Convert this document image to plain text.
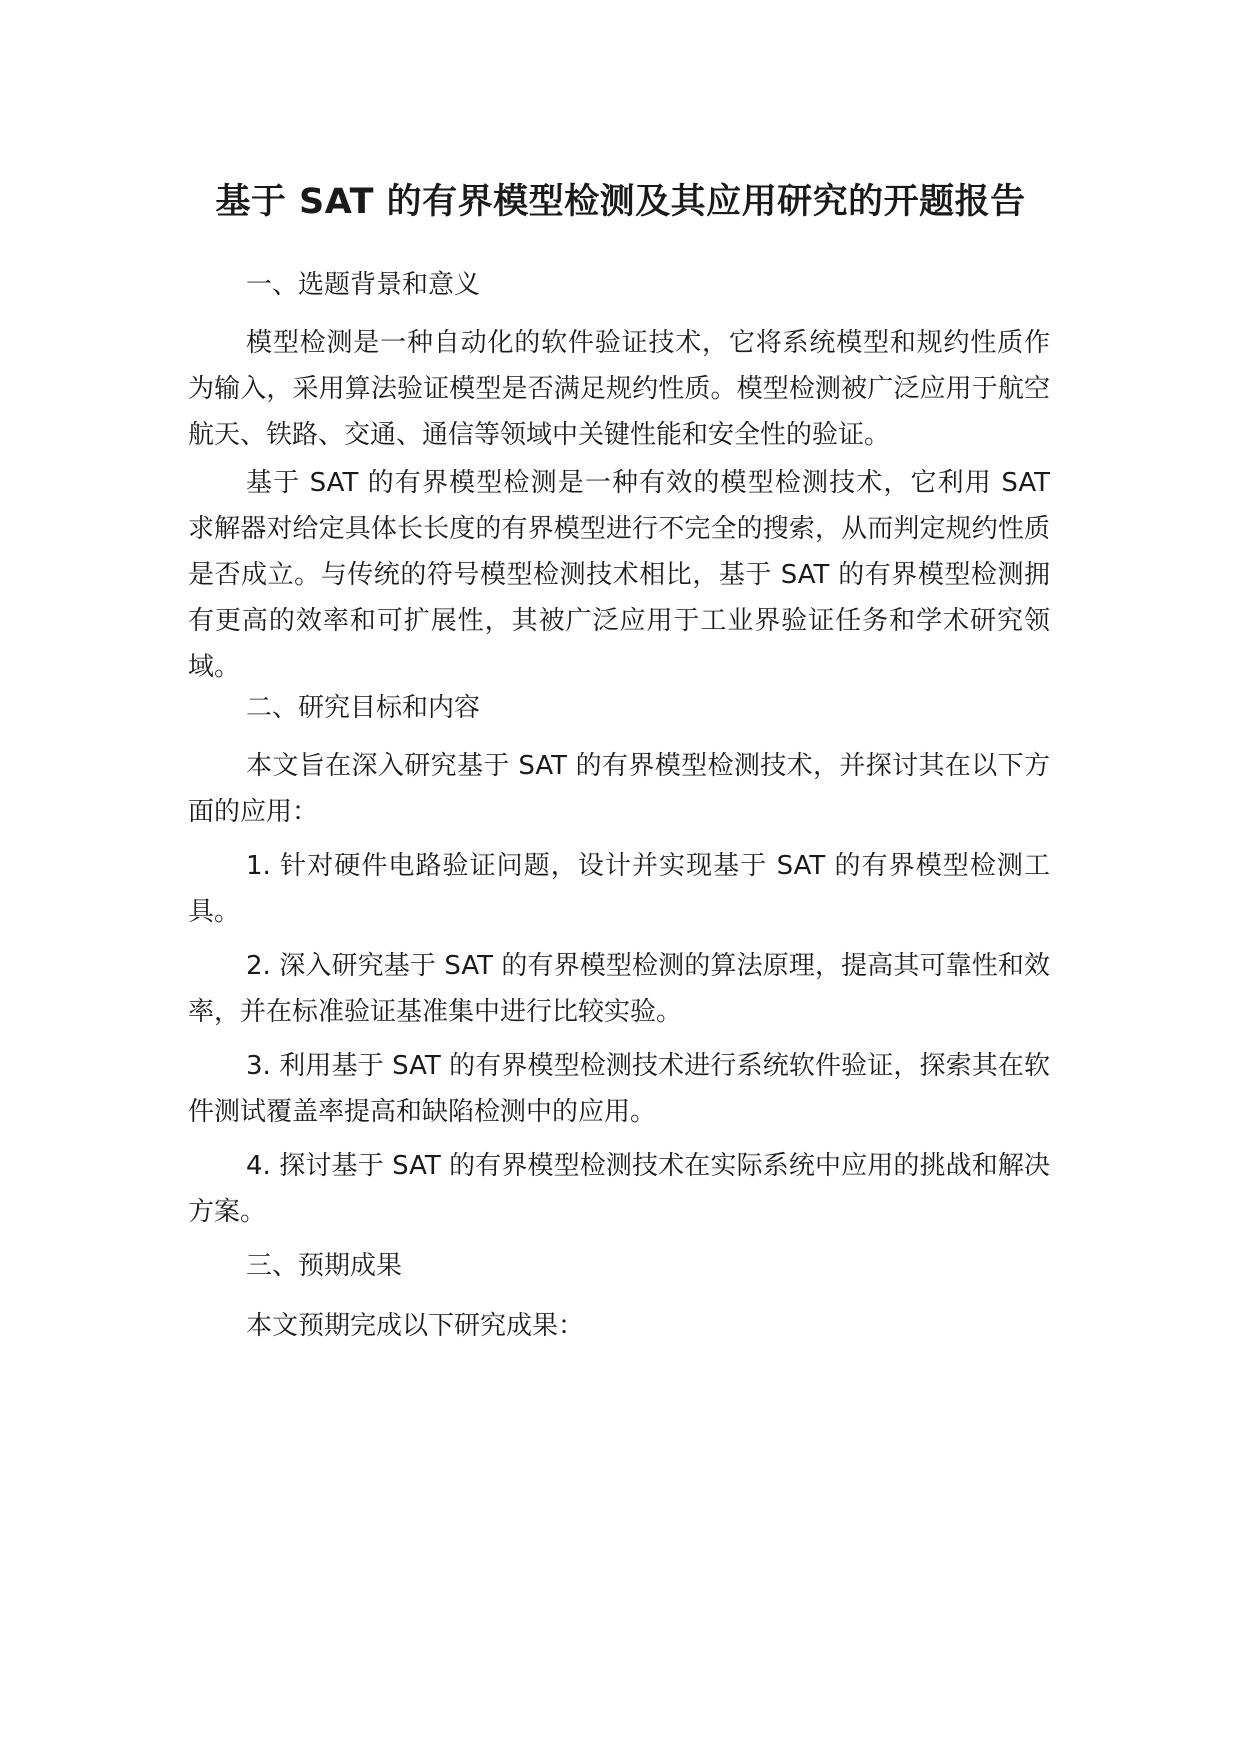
基于 SAT 的有界模型检测及其应用研究的开题报告

一、选题背景和意义

模型检测是一种自动化的软件验证技术，它将系统模型和规约性质作为输入，采用算法验证模型是否满足规约性质。模型检测被广泛应用于航空航天、铁路、交通、通信等领域中关键性能和安全性的验证。

基于 SAT 的有界模型检测是一种有效的模型检测技术，它利用 SAT 求解器对给定具体长长度的有界模型进行不完全的搜索，从而判定规约性质是否成立。与传统的符号模型检测技术相比，基于 SAT 的有界模型检测拥有更高的效率和可扩展性，其被广泛应用于工业界验证任务和学术研究领域。

二、研究目标和内容

本文旨在深入研究基于 SAT 的有界模型检测技术，并探讨其在以下方面的应用：

1. 针对硬件电路验证问题，设计并实现基于 SAT 的有界模型检测工具。

2. 深入研究基于 SAT 的有界模型检测的算法原理，提高其可靠性和效率，并在标准验证基准集中进行比较实验。

3. 利用基于 SAT 的有界模型检测技术进行系统软件验证，探索其在软件测试覆盖率提高和缺陷检测中的应用。

4. 探讨基于 SAT 的有界模型检测技术在实际系统中应用的挑战和解决方案。

三、预期成果

本文预期完成以下研究成果：
